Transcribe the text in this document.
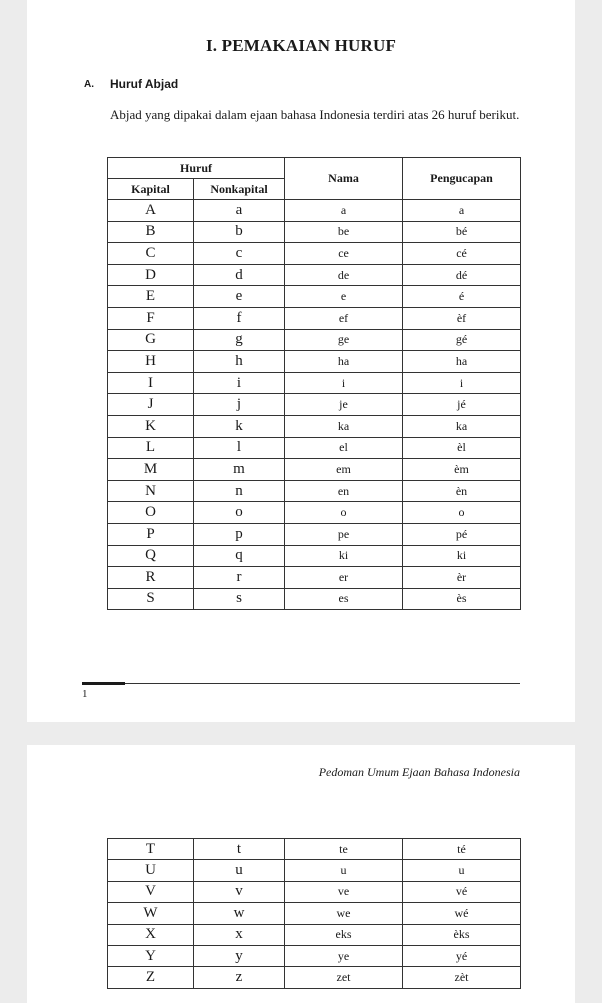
I. PEMAKAIAN HURUF
A. Huruf Abjad
Abjad yang dipakai dalam ejaan bahasa Indonesia terdiri atas 26 huruf berikut.
Huruf		Nama	Pengucapan
Kapital	Nonkapital		
A	a	a	a
B	b	be	bé
C	c	ce	cé
D	d	de	dé
E	e	e	é
F	f	ef	èf
G	g	ge	gé
H	h	ha	ha
I	i	i	i
J	j	je	jé
K	k	ka	ka
L	l	el	èl
M	m	em	èm
N	n	en	èn
O	o	o	o
P	p	pe	pé
Q	q	ki	ki
R	r	er	èr
S	s	es	ès
1
Pedoman Umum Ejaan Bahasa Indonesia
T	t	te	té
U	u	u	u
V	v	ve	vé
W	w	we	wé
X	x	eks	èks
Y	y	ye	yé
Z	z	zet	zèt
